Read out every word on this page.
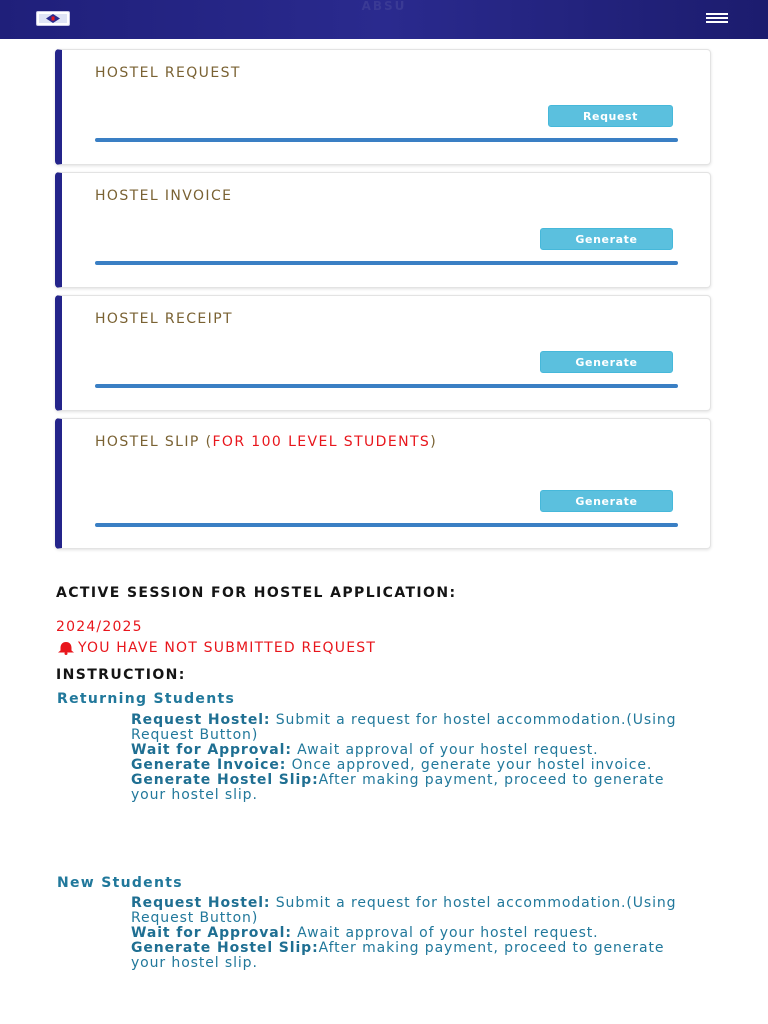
ABSU
HOSTEL REQUEST
Request
HOSTEL INVOICE
Generate
HOSTEL RECEIPT
Generate
HOSTEL SLIP (FOR 100 LEVEL STUDENTS)
Generate
ACTIVE SESSION FOR HOSTEL APPLICATION:
2024/2025
YOU HAVE NOT SUBMITTED REQUEST
INSTRUCTION:
Returning Students
Request Hostel: Submit a request for hostel accommodation.(Using Request Button)
Wait for Approval: Await approval of your hostel request.
Generate Invoice: Once approved, generate your hostel invoice.
Generate Hostel Slip:After making payment, proceed to generate your hostel slip.
New Students
Request Hostel: Submit a request for hostel accommodation.(Using Request Button)
Wait for Approval: Await approval of your hostel request.
Generate Hostel Slip:After making payment, proceed to generate your hostel slip.
